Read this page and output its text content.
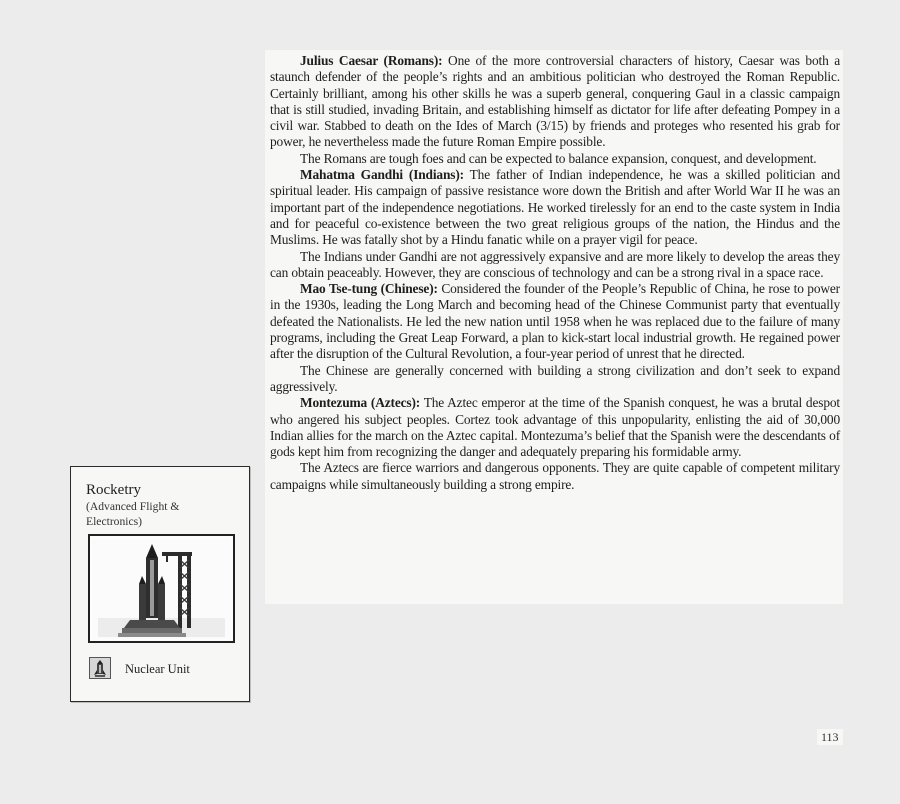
Julius Caesar (Romans): One of the more controversial characters of history, Caesar was both a staunch defender of the people’s rights and an ambitious politician who destroyed the Roman Republic. Certainly brilliant, among his other skills he was a superb general, conquering Gaul in a classic campaign that is still studied, invading Britain, and establishing himself as dictator for life after defeating Pompey in a civil war. Stabbed to death on the Ides of March (3/15) by friends and proteges who resented his grab for power, he nevertheless made the future Roman Empire possible.

The Romans are tough foes and can be expected to balance expansion, conquest, and development.

Mahatma Gandhi (Indians): The father of Indian independence, he was a skilled politician and spiritual leader. His campaign of passive resistance wore down the British and after World War II he was an important part of the independence negotiations. He worked tirelessly for an end to the caste system in India and for peaceful co-existence between the two great religious groups of the nation, the Hindus and the Muslims. He was fatally shot by a Hindu fanatic while on a prayer vigil for peace.

The Indians under Gandhi are not aggressively expansive and are more likely to develop the areas they can obtain peaceably. However, they are conscious of technology and can be a strong rival in a space race.

Mao Tse-tung (Chinese): Considered the founder of the People’s Republic of China, he rose to power in the 1930s, leading the Long March and becoming head of the Chinese Communist party that eventually defeated the Nationalists. He led the new nation until 1958 when he was replaced due to the failure of many programs, including the Great Leap Forward, a plan to kick-start local industrial growth. He regained power after the disruption of the Cultural Revolution, a four-year period of unrest that he directed.

The Chinese are generally concerned with building a strong civilization and don’t seek to expand aggressively.

Montezuma (Aztecs): The Aztec emperor at the time of the Spanish conquest, he was a brutal despot who angered his subject peoples. Cortez took advantage of this unpopularity, enlisting the aid of 30,000 Indian allies for the march on the Aztec capital. Montezuma’s belief that the Spanish were the descendants of gods kept him from recognizing the danger and adequately preparing his formidable army.

The Aztecs are fierce warriors and dangerous opponents. They are quite capable of competent military campaigns while simultaneously building a strong empire.

Rocketry
(Advanced Flight & Electronics)
Nuclear Unit
113
